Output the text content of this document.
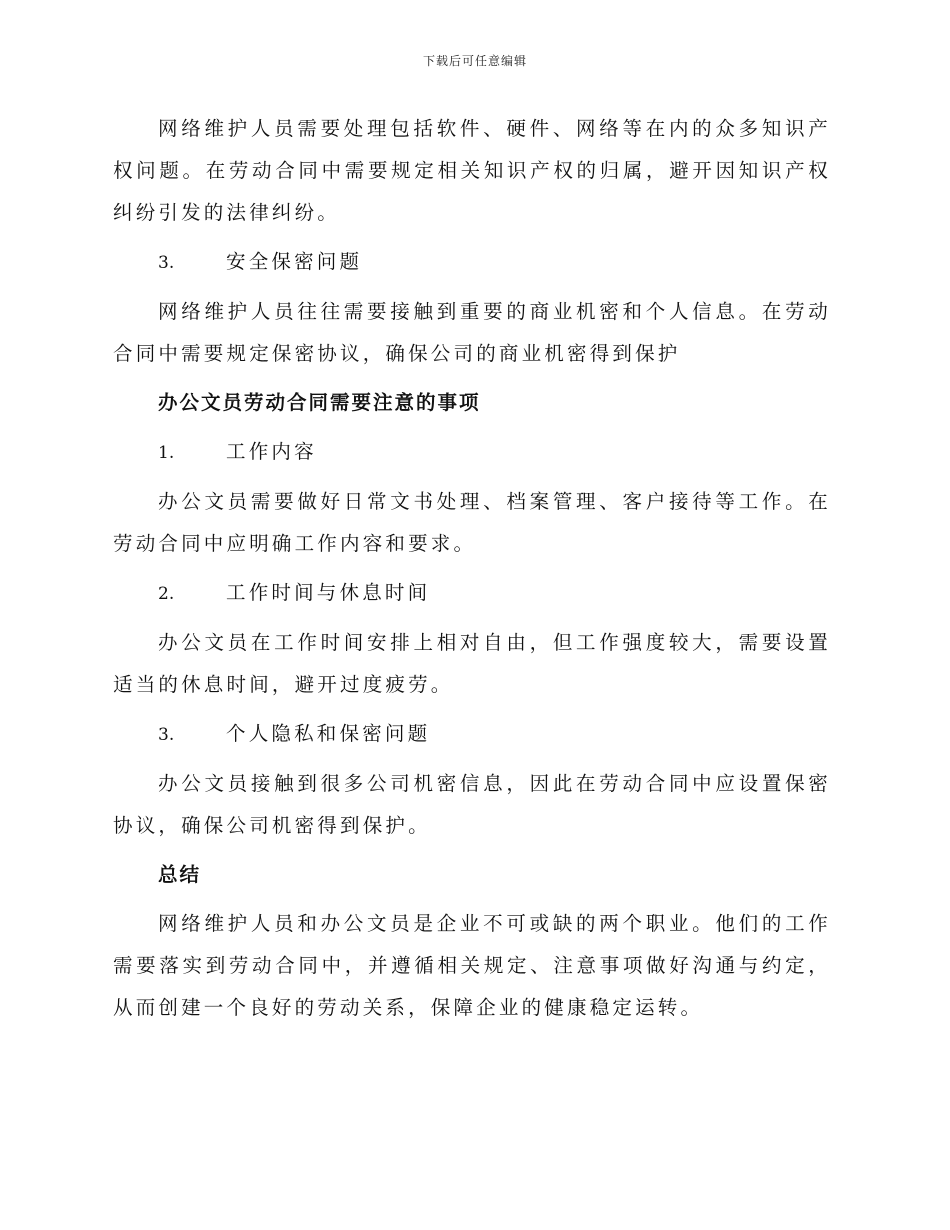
下载后可任意编辑

网络维护人员需要处理包括软件、硬件、网络等在内的众多知识产权问题。在劳动合同中需要规定相关知识产权的归属，避开因知识产权纠纷引发的法律纠纷。

3.	安全保密问题

网络维护人员往往需要接触到重要的商业机密和个人信息。在劳动合同中需要规定保密协议，确保公司的商业机密得到保护

办公文员劳动合同需要注意的事项
1.	工作内容

办公文员需要做好日常文书处理、档案管理、客户接待等工作。在劳动合同中应明确工作内容和要求。

2.	工作时间与休息时间

办公文员在工作时间安排上相对自由，但工作强度较大，需要设置适当的休息时间，避开过度疲劳。

3.	个人隐私和保密问题

办公文员接触到很多公司机密信息，因此在劳动合同中应设置保密协议，确保公司机密得到保护。

总结

网络维护人员和办公文员是企业不可或缺的两个职业。他们的工作需要落实到劳动合同中，并遵循相关规定、注意事项做好沟通与约定，从而创建一个良好的劳动关系，保障企业的健康稳定运转。
